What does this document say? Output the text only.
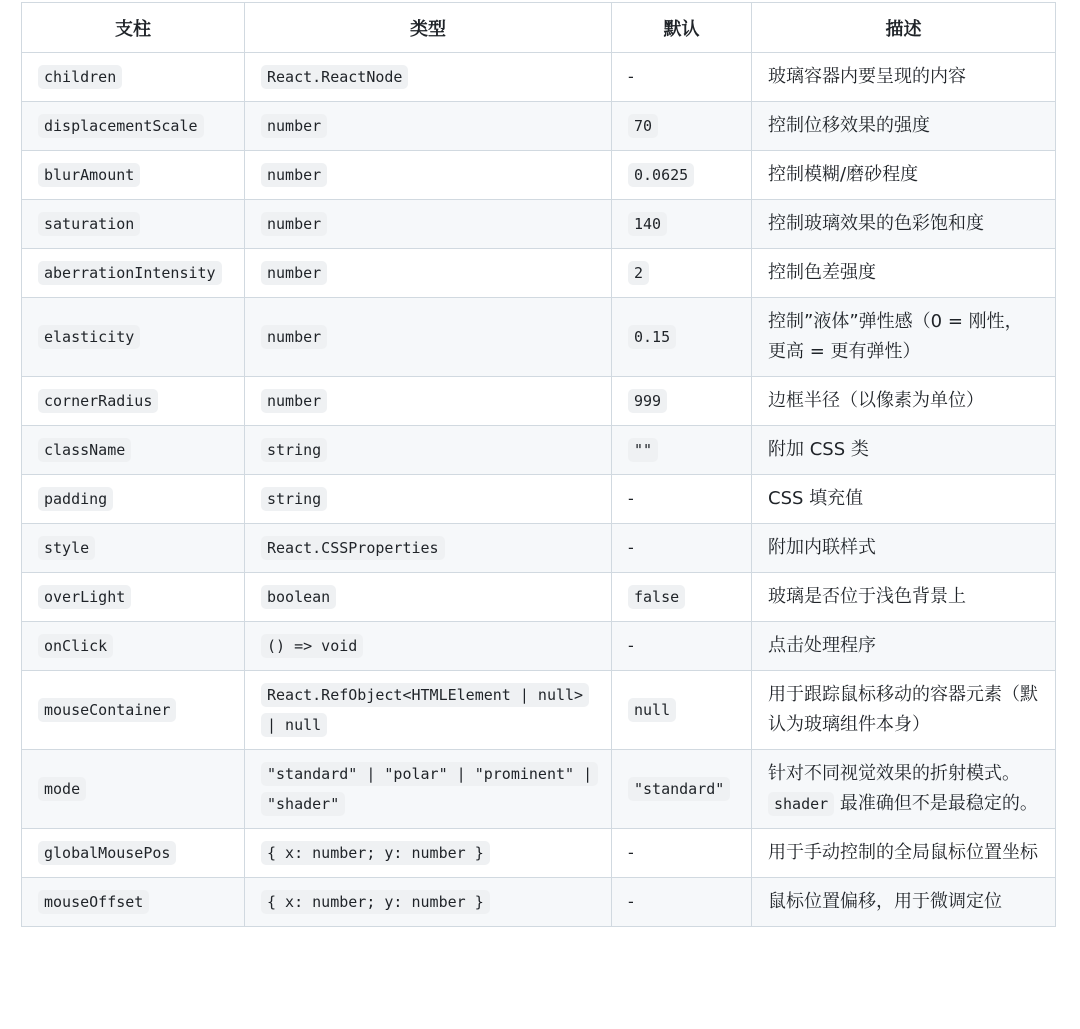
支柱	类型	默认	描述
children	React.ReactNode	-	玻璃容器内要呈现的内容
displacementScale	number	70	控制位移效果的强度
blurAmount	number	0.0625	控制模糊/磨砂程度
saturation	number	140	控制玻璃效果的色彩饱和度
aberrationIntensity	number	2	控制色差强度
elasticity	number	0.15	控制”液体”弹性感（0 = 刚性，更高 = 更有弹性）
cornerRadius	number	999	边框半径（以像素为单位）
className	string	""	附加 CSS 类
padding	string	-	CSS 填充值
style	React.CSSProperties	-	附加内联样式
overLight	boolean	false	玻璃是否位于浅色背景上
onClick	() => void	-	点击处理程序
mouseContainer	React.RefObject<HTMLElement | null> | null	null	用于跟踪鼠标移动的容器元素（默认为玻璃组件本身）
mode	"standard" | "polar" | "prominent" | "shader"	"standard"	针对不同视觉效果的折射模式。 shader 最准确但不是最稳定的。
globalMousePos	{ x: number; y: number }	-	用于手动控制的全局鼠标位置坐标
mouseOffset	{ x: number; y: number }	-	鼠标位置偏移，用于微调定位
